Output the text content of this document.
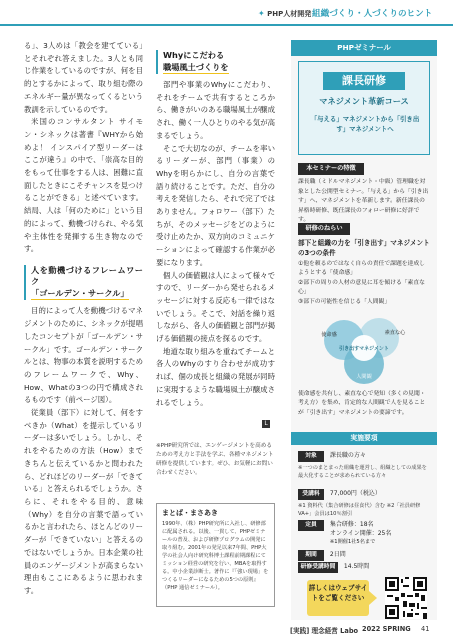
✦ PHP人材開発 組織づくり・人づくりのヒント

る」、3人めは「教会を建てている」とそれぞれ答えました。3人とも同じ作業をしているのですが、何を目的とするかによって、取り組む際のエネルギー量が異なってくるという教訓を示しているのです。

米国のコンサルタント サイモン・シネックは著書『WHYから始めよ！ インスパイア型リーダーはここが違う』の中で、「崇高な目的をもって仕事をする人は、困難に直面したときにこそチャンスを見つけることができる」と述べています。結局、人は「何のために」という目的によって、動機づけられ、やる気や主体性を発揮する生き物なのです。

人を動機づけるフレームワーク
「ゴールデン・サークル」

目的によって人を動機づけるマネジメントのために、シネックが提唱したコンセプトが「ゴールデン・サークル」です。ゴールデン・サークルとは、物事の本質を説明するためのフレームワークで、Why、How、Whatの3つの円で構成されるものです（前ページ図）。

従業員（部下）に対して、何をすべきか（What）を提示しているリーダーは多いでしょう。しかし、それをやるための方法（How）まできちんと伝えているかと問われたら、どれほどのリーダーが「できている」と答えられるでしょうか。さらに、それをやる目的、意味（Why）を自分の言葉で語っているかと言われたら、ほとんどのリーダーが「できていない」と答えるのではないでしょうか。日本企業の社員のエンゲージメントが高まらない理由もここにあるように思われます。

Whyにこだわる
職場風土づくりを

部門や事業のWhyにこだわり、それをチームで共有するところから、働きがいのある職場風土が醸成され、働く一人ひとりのやる気が高まるでしょう。

そこで大切なのが、チームを率いるリーダーが、部門（事業）のWhyを明らかにし、自分の言葉で語り続けることです。ただ、自分の考えを発信したら、それで完了ではありません。フォロワー（部下）たちが、そのメッセージをどのように受け止めたか、双方向のコミュニケーションによって確認する作業が必要になります。

個人の価値観は人によって様々ですので、リーダーから発せられるメッセージに対する反応も一律ではないでしょう。そこで、対話を繰り返しながら、各人の価値観と部門が掲げる価値観の接点を探るのです。

地道な取り組みを重ねてチームと各人のWhyのすり合わせが成功すれば、個の成長と組織の発展が同時に実現するような職場風土が醸成されるでしょう。

L
※PHP研究所では、エンゲージメントを高めるための考え方と手法を学ぶ、各種マネジメント研修を提供しています。ぜひ、お気軽にお問い合わせください。
まとば・まさあき
1990年、（株）PHP研究所に入社し、研修部に配属される。以後、一貫して、PHPゼミナールの普及、および研修プログラムの開発に取り組む。2001年の発足以来7年間、PHP大学の社会人向け研究科博士課程前期課程にてミッション経営の研究を行い、MBAを取得する。中小企業診断士。著作に『「強い現場」をつくるリーダーになるための5つの原則』（PHP 通信ゼミナール）。
PHPゼミナール
課長研修
マネジメント革新コース
「与える」マネジメントから「引き出す」マネジメントへ
本セミナーの特徴
課長職（ミドルマネジメント・中級）管理職を対象とした公開型セミナー。「与える」から「引き出す」へ、マネジメントを革新します。新任課長の昇格時研修、既任課長のフォロー研修に好評です。
研修のねらい
部下と組織の力を「引き出す」マネジメントの3つの条件
①他を頼るのではなく自らの責任で課題を達成しようとする「使命感」
②部下の周りの人材の意見に耳を傾ける「素直な心」
③部下の可能性を信じる「人間観」
引き出すマネジメント
使命感	素直な心
人間観
使命感を共有し、素直な心で発知（多くの見聞・考え方）を集め、肯定的な人間観で人を見ることが「引き出す」マネジメントの要諦です。
実施要項
対象 課長職の方々
※一つのまとまった組織を運営し、組織としての成果を最大化することが求められている方々
受講料 77,000円（税込）
※1 資料代（集合研修は昼食代）含む ※2「社員研修VA+」会員は10％割引
定員 集合研修：18名
オンライン開催：25名
※1開催1社5名まで
期間 2日間
研修受講時間 14.5時間
詳しくはウェブサイトをご覧ください
[実践] 理念経営 Labo 2022 SPRING 41
